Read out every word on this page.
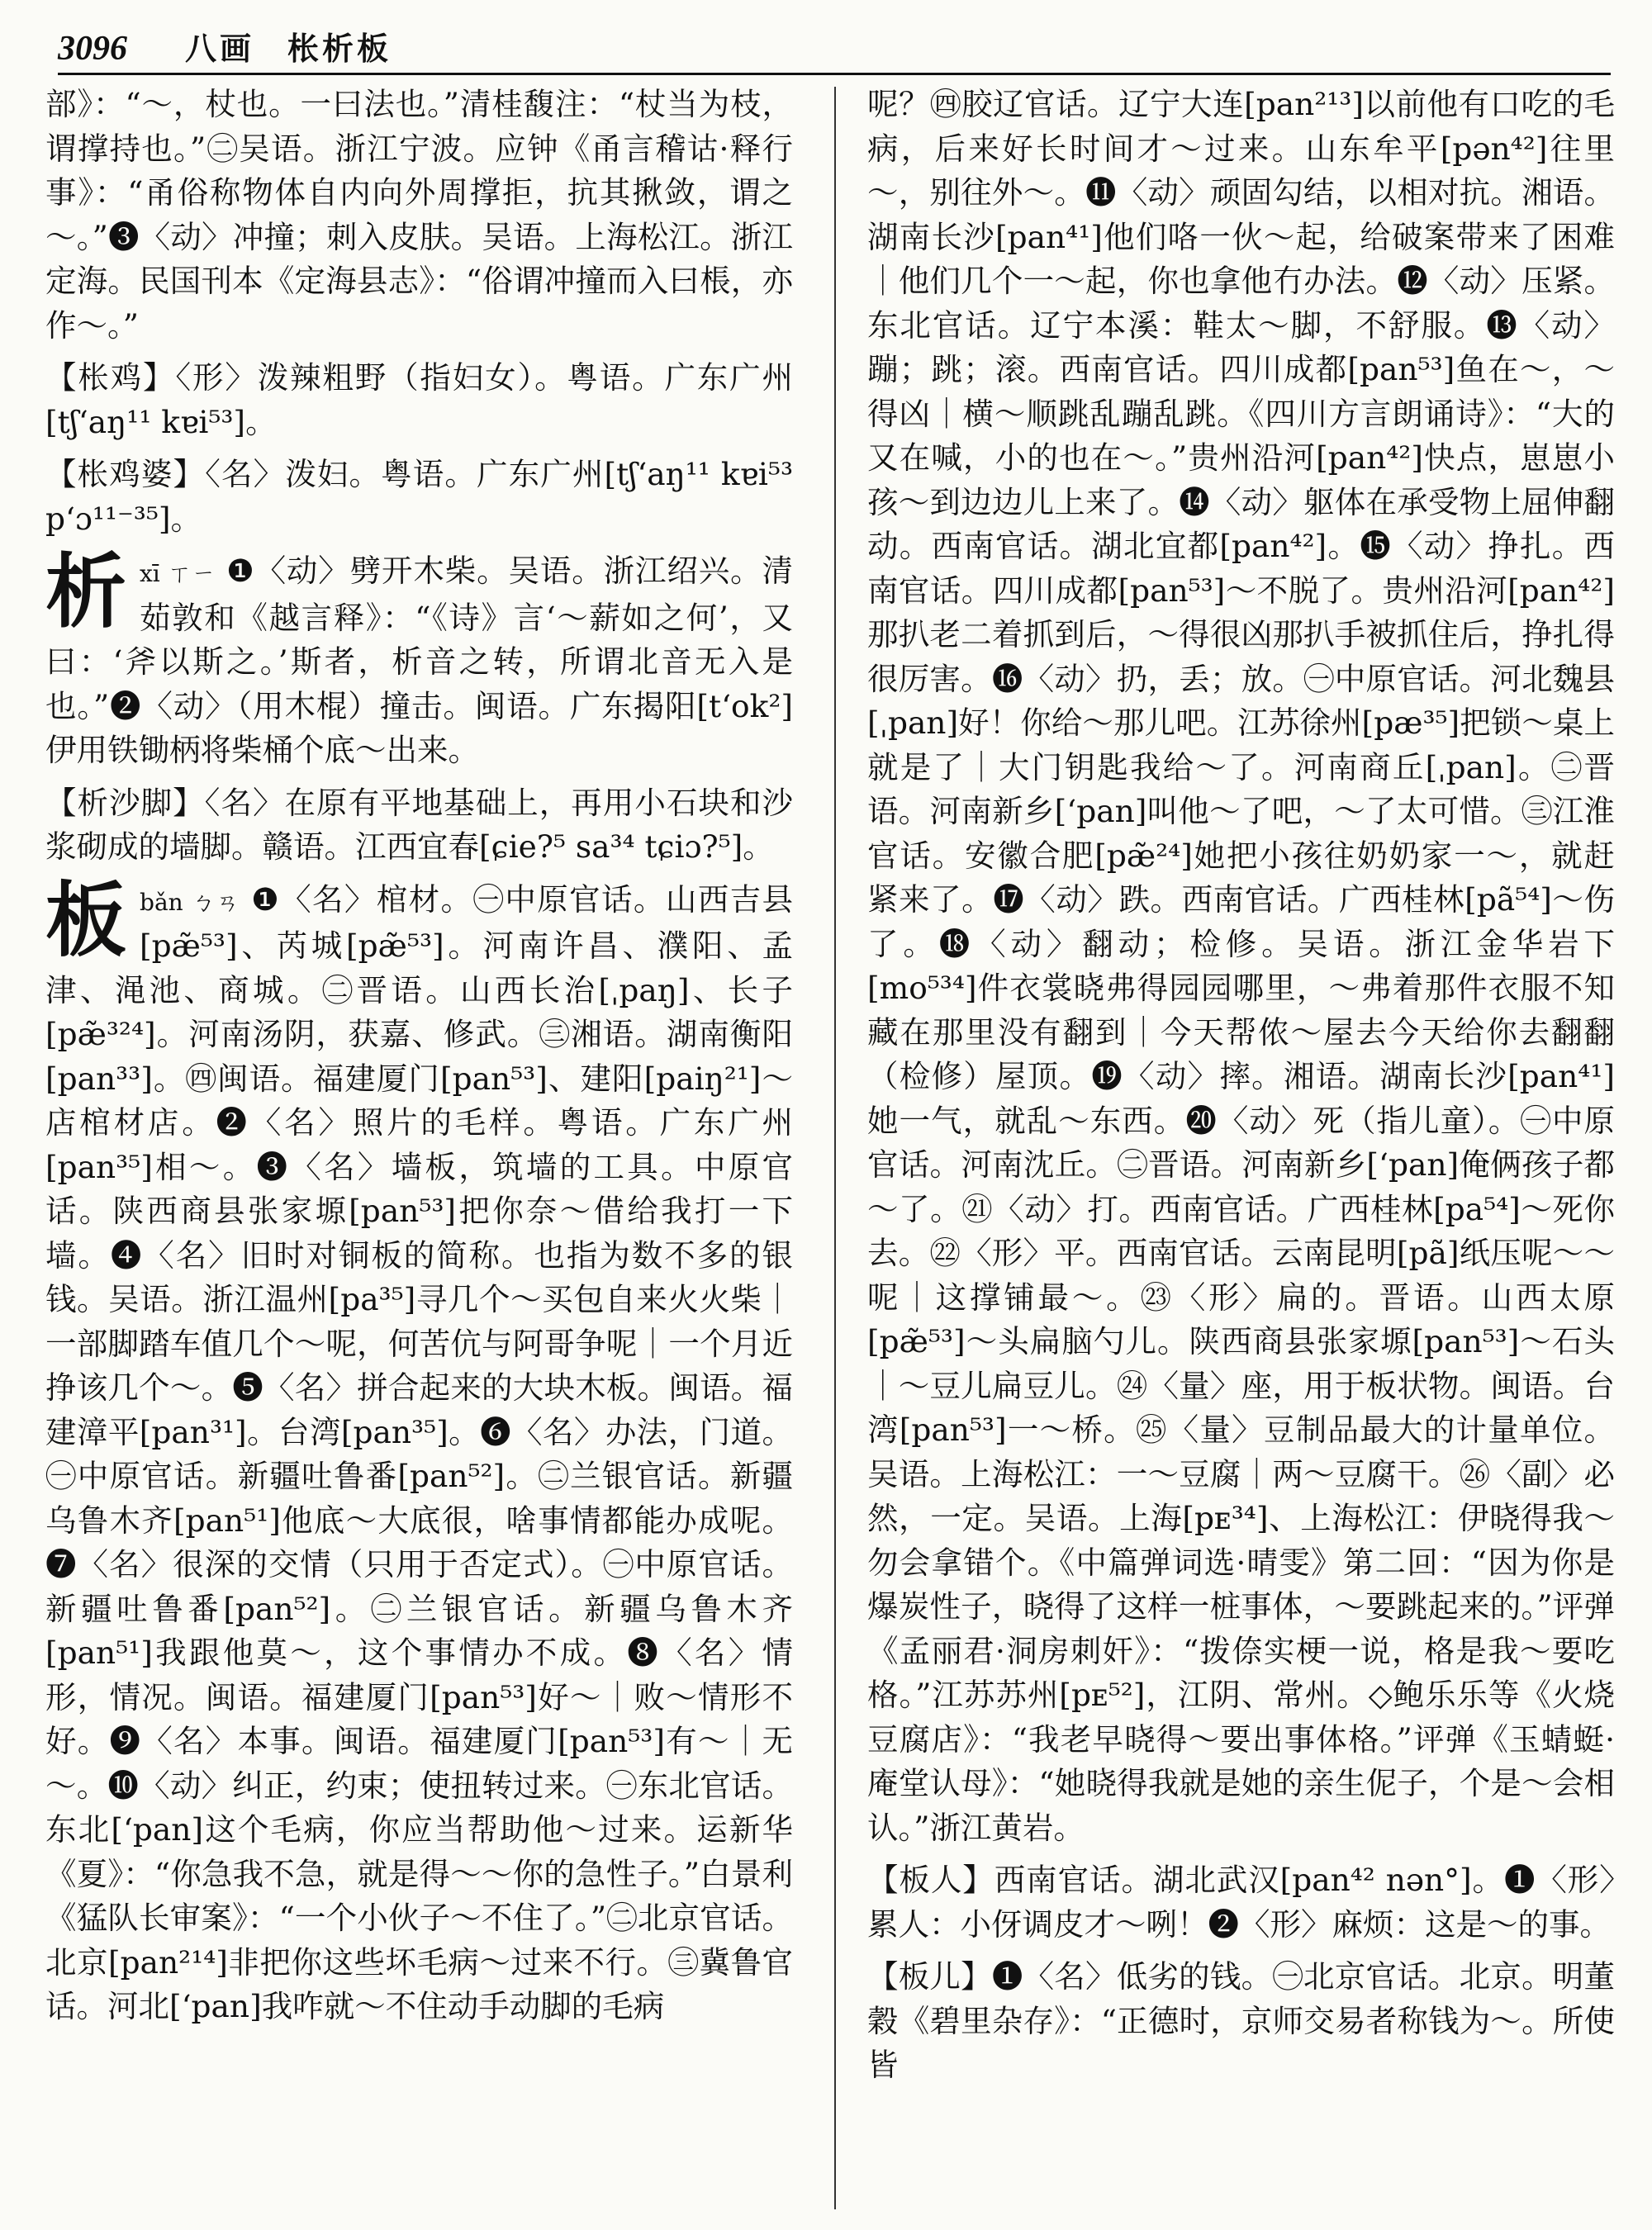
3096 八画 枨析板

部》：“～，杖也。一曰法也。”清桂馥注：“杖当为枝，谓撑持也。”㊁吴语。浙江宁波。应钟《甬言稽诂·释行事》：“甬俗称物体自内向外周撑拒，抗其揪敛，谓之～。”❸〈动〉冲撞；刺入皮肤。吴语。上海松江。浙江定海。民国刊本《定海县志》：“俗谓冲撞而入曰棖，亦作～。”

【枨鸡】〈形〉泼辣粗野（指妇女）。粤语。广东广州[tʃʻaŋ¹¹ kɐi⁵³]。

【枨鸡婆】〈名〉泼妇。粤语。广东广州[tʃʻaŋ¹¹ kɐi⁵³ pʻɔ¹¹⁻³⁵]。

析 xī ㄒㄧ ❶〈动〉劈开木柴。吴语。浙江绍兴。清茹敦和《越言释》：“《诗》言‘～薪如之何’，又曰：‘斧以斯之。’斯者，析音之转，所谓北音无入是也。”❷〈动〉（用木棍）撞击。闽语。广东揭阳[tʻok²]伊用铁锄柄将柴桶个底～出来。

【析沙脚】〈名〉在原有平地基础上，再用小石块和沙浆砌成的墙脚。赣语。江西宜春[ɕie?⁵ sa³⁴ tɕiɔ?⁵]。

板 bǎn ㄅㄢ ❶〈名〉棺材。㊀中原官话。山西吉县[pæ̃⁵³]、芮城[pæ̃⁵³]。河南许昌、濮阳、孟津、渑池、商城。㊁晋语。山西长治[ˌpaŋ]、长子[pæ̃³²⁴]。河南汤阴，获嘉、修武。㊂湘语。湖南衡阳[pan³³]。㊃闽语。福建厦门[pan⁵³]、建阳[paiŋ²¹]～店棺材店。❷〈名〉照片的毛样。粤语。广东广州[pan³⁵]相～。❸〈名〉墙板，筑墙的工具。中原官话。陕西商县张家塬[pan⁵³]把你奈～借给我打一下墙。❹〈名〉旧时对铜板的简称。也指为数不多的银钱。吴语。浙江温州[pa³⁵]寻几个～买包自来火火柴｜一部脚踏车值几个～呢，何苦伉与阿哥争呢｜一个月近挣该几个～。❺〈名〉拼合起来的大块木板。闽语。福建漳平[pan³¹]。台湾[pan³⁵]。❻〈名〉办法，门道。㊀中原官话。新疆吐鲁番[pan⁵²]。㊁兰银官话。新疆乌鲁木齐[pan⁵¹]他底～大底很，啥事情都能办成呢。❼〈名〉很深的交情（只用于否定式）。㊀中原官话。新疆吐鲁番[pan⁵²]。㊁兰银官话。新疆乌鲁木齐[pan⁵¹]我跟他莫～，这个事情办不成。❽〈名〉情形，情况。闽语。福建厦门[pan⁵³]好～｜败～情形不好。❾〈名〉本事。闽语。福建厦门[pan⁵³]有～｜无～。❿〈动〉纠正，约束；使扭转过来。㊀东北官话。东北[ʻpan]这个毛病，你应当帮助他～过来。运新华《夏》：“你急我不急，就是得～～你的急性子。”白景利《猛队长审案》：“一个小伙子～不住了。”㊁北京官话。北京[pan²¹⁴]非把你这些坏毛病～过来不行。㊂冀鲁官话。河北[ʻpan]我咋就～不住动手动脚的毛病

呢？㊃胶辽官话。辽宁大连[pan²¹³]以前他有口吃的毛病，后来好长时间才～过来。山东牟平[pən⁴²]往里～，别往外～。⓫〈动〉顽固勾结，以相对抗。湘语。湖南长沙[pan⁴¹]他们咯一伙～起，给破案带来了困难｜他们几个一～起，你也拿他冇办法。⓬〈动〉压紧。东北官话。辽宁本溪：鞋太～脚，不舒服。⓭〈动〉蹦；跳；滚。西南官话。四川成都[pan⁵³]鱼在～，～得凶｜横～顺跳乱蹦乱跳。《四川方言朗诵诗》：“大的又在喊，小的也在～。”贵州沿河[pan⁴²]快点，崽崽小孩～到边边儿上来了。⓮〈动〉躯体在承受物上屈伸翻动。西南官话。湖北宜都[pan⁴²]。⓯〈动〉挣扎。西南官话。四川成都[pan⁵³]～不脱了。贵州沿河[pan⁴²]那扒老二着抓到后，～得很凶那扒手被抓住后，挣扎得很厉害。⓰〈动〉扔，丢；放。㊀中原官话。河北魏县[ˌpan]好！你给～那儿吧。江苏徐州[pæ³⁵]把锁～桌上就是了｜大门钥匙我给～了。河南商丘[ˌpan]。㊁晋语。河南新乡[ʻpan]叫他～了吧，～了太可惜。㊂江淮官话。安徽合肥[pæ̃²⁴]她把小孩往奶奶家一～，就赶紧来了。⓱〈动〉跌。西南官话。广西桂林[pã⁵⁴]～伤了。⓲〈动〉翻动；检修。吴语。浙江金华岩下[mo⁵³⁴]件衣裳晓弗得园园哪里，～弗着那件衣服不知藏在那里没有翻到｜今天帮侬～屋去今天给你去翻翻（检修）屋顶。⓳〈动〉摔。湘语。湖南长沙[pan⁴¹]她一气，就乱～东西。⓴〈动〉死（指儿童）。㊀中原官话。河南沈丘。㊁晋语。河南新乡[ʻpan]俺俩孩子都～了。㉑〈动〉打。西南官话。广西桂林[pa⁵⁴]～死你去。㉒〈形〉平。西南官话。云南昆明[pã]纸压呢～～呢｜这撑铺最～。㉓〈形〉扁的。晋语。山西太原[pæ̃⁵³]～头扁脑勺儿。陕西商县张家塬[pan⁵³]～石头｜～豆儿扁豆儿。㉔〈量〉座，用于板状物。闽语。台湾[pan⁵³]一～桥。㉕〈量〉豆制品最大的计量单位。吴语。上海松江：一～豆腐｜两～豆腐干。㉖〈副〉必然，一定。吴语。上海[pᴇ³⁴]、上海松江：伊晓得我～勿会拿错个。《中篇弹词选·晴雯》第二回：“因为你是爆炭性子，晓得了这样一桩事体，～要跳起来的。”评弹《孟丽君·洞房刺奸》：“拨倷实梗一说，格是我～要吃格。”江苏苏州[pᴇ⁵²]，江阴、常州。◇鲍乐乐等《火烧豆腐店》：“我老早晓得～要出事体格。”评弹《玉蜻蜓·庵堂认母》：“她晓得我就是她的亲生伲子，个是～会相认。”浙江黄岩。

【板人】西南官话。湖北武汉[pan⁴² nən°]。❶〈形〉累人：小伢调皮才～咧！❷〈形〉麻烦：这是～的事。

【板儿】❶〈名〉低劣的钱。㊀北京官话。北京。明董穀《碧里杂存》：“正德时，京师交易者称钱为～。所使皆
